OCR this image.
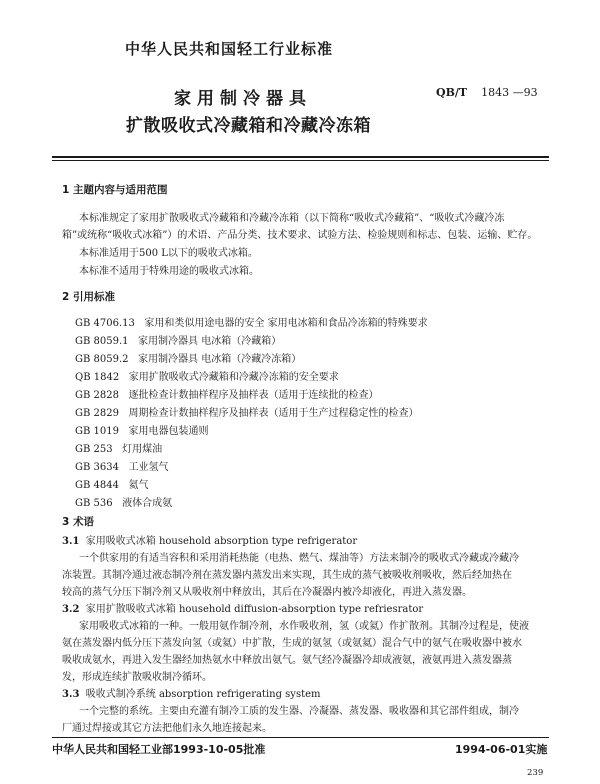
中华人民共和国轻工行业标准
家用制冷器具
扩散吸收式冷藏箱和冷藏冷冻箱
QB/T 1843 —93
1 主题内容与适用范围
本标准规定了家用扩散吸收式冷藏箱和冷藏冷冻箱（以下简称“吸收式冷藏箱”、“吸收式冷藏冷冻
箱”或统称“吸收式冰箱”）的术语、产品分类、技术要求、试验方法、检验规则和标志、包装、运输、贮存。
本标准适用于500 L以下的吸收式冰箱。
本标准不适用于特殊用途的吸收式冰箱。
2 引用标准
GB 4706.13 家用和类似用途电器的安全 家用电冰箱和食品冷冻箱的特殊要求
GB 8059.1 家用制冷器具 电冰箱（冷藏箱）
GB 8059.2 家用制冷器具 电冰箱（冷藏冷冻箱）
QB 1842 家用扩散吸收式冷藏箱和冷藏冷冻箱的安全要求
GB 2828 逐批检查计数抽样程序及抽样表（适用于连续批的检查）
GB 2829 周期检查计数抽样程序及抽样表（适用于生产过程稳定性的检查）
GB 1019 家用电器包装通则
GB 253 灯用煤油
GB 3634 工业氢气
GB 4844 氦气
GB 536 液体合成氨
3 术语
3.1 家用吸收式冰箱 household absorption type refrigerator
一个供家用的有适当容积和采用消耗热能（电热、燃气、煤油等）方法来制冷的吸收式冷藏或冷藏冷
冻装置。其制冷通过液态制冷剂在蒸发器内蒸发出来实现，其生成的蒸气被吸收剂吸收，然后经加热在
较高的蒸气分压下制冷剂又从吸收剂中释放出，其后在冷凝器内被冷却液化，再进入蒸发器。
3.2 家用扩散吸收式冰箱 household diffusion-absorption type refriesrator
家用吸收式冰箱的一种。一般用氨作制冷剂，水作吸收剂，氢（或氦）作扩散剂。其制冷过程是，使液
氨在蒸发器内低分压下蒸发向氢（或氦）中扩散，生成的氨氢（或氨氦）混合气中的氨气在吸收器中被水
吸收成氨水，再进入发生器经加热氨水中释放出氨气。氨气经冷凝器冷却成液氨，液氨再进入蒸发器蒸
发，形成连续扩散吸收制冷循环。
3.3 吸收式制冷系统 absorption refrigerating system
一个完整的系统。主要由充灌有制冷工质的发生器、冷凝器、蒸发器、吸收器和其它部件组成，制冷
厂通过焊接或其它方法把他们永久地连接起来。
中华人民共和国轻工业部1993-10-05批准	1994-06-01实施
239
